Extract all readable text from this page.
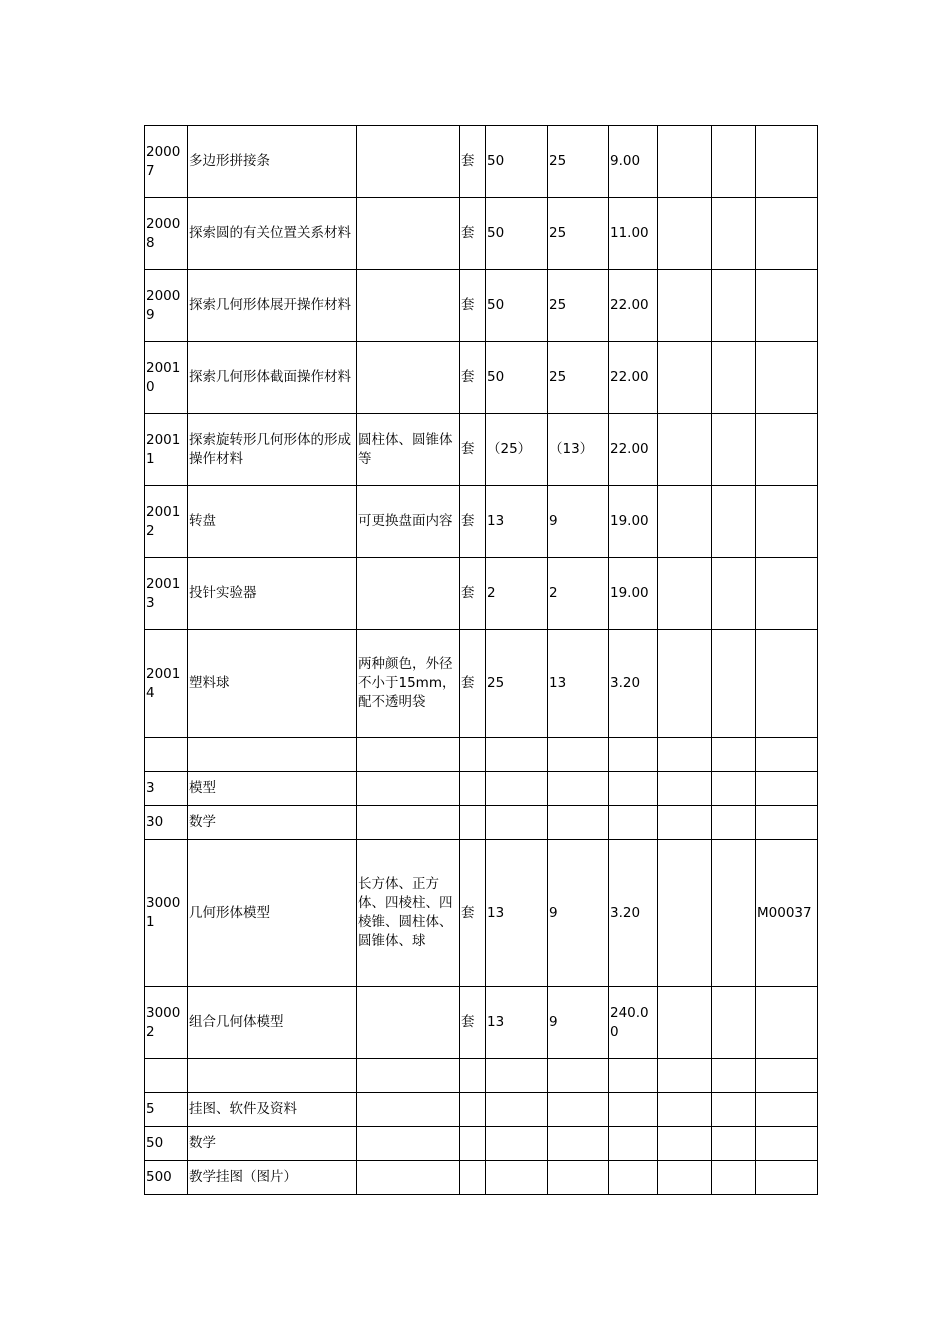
20007	多边形拼接条		套	50	25	9.00			
20008	探索圆的有关位置关系材料		套	50	25	11.00			
20009	探索几何形体展开操作材料		套	50	25	22.00			
20010	探索几何形体截面操作材料		套	50	25	22.00			
20011	探索旋转形几何形体的形成操作材料	圆柱体、圆锥体等	套	（25）	（13）	22.00			
20012	转盘	可更换盘面内容	套	13	9	19.00			
20013	投针实验器		套	2	2	19.00			
20014	塑料球	两种颜色，外径不小于15mm，配不透明袋	套	25	13	3.20			

3	模型								
30	数学								
30001	几何形体模型	长方体、正方体、四棱柱、四棱锥、圆柱体、圆锥体、球	套	13	9	3.20			M00037
30002	组合几何体模型		套	13	9	240.00			

5	挂图、软件及资料								
50	数学								
500	教学挂图（图片）								
